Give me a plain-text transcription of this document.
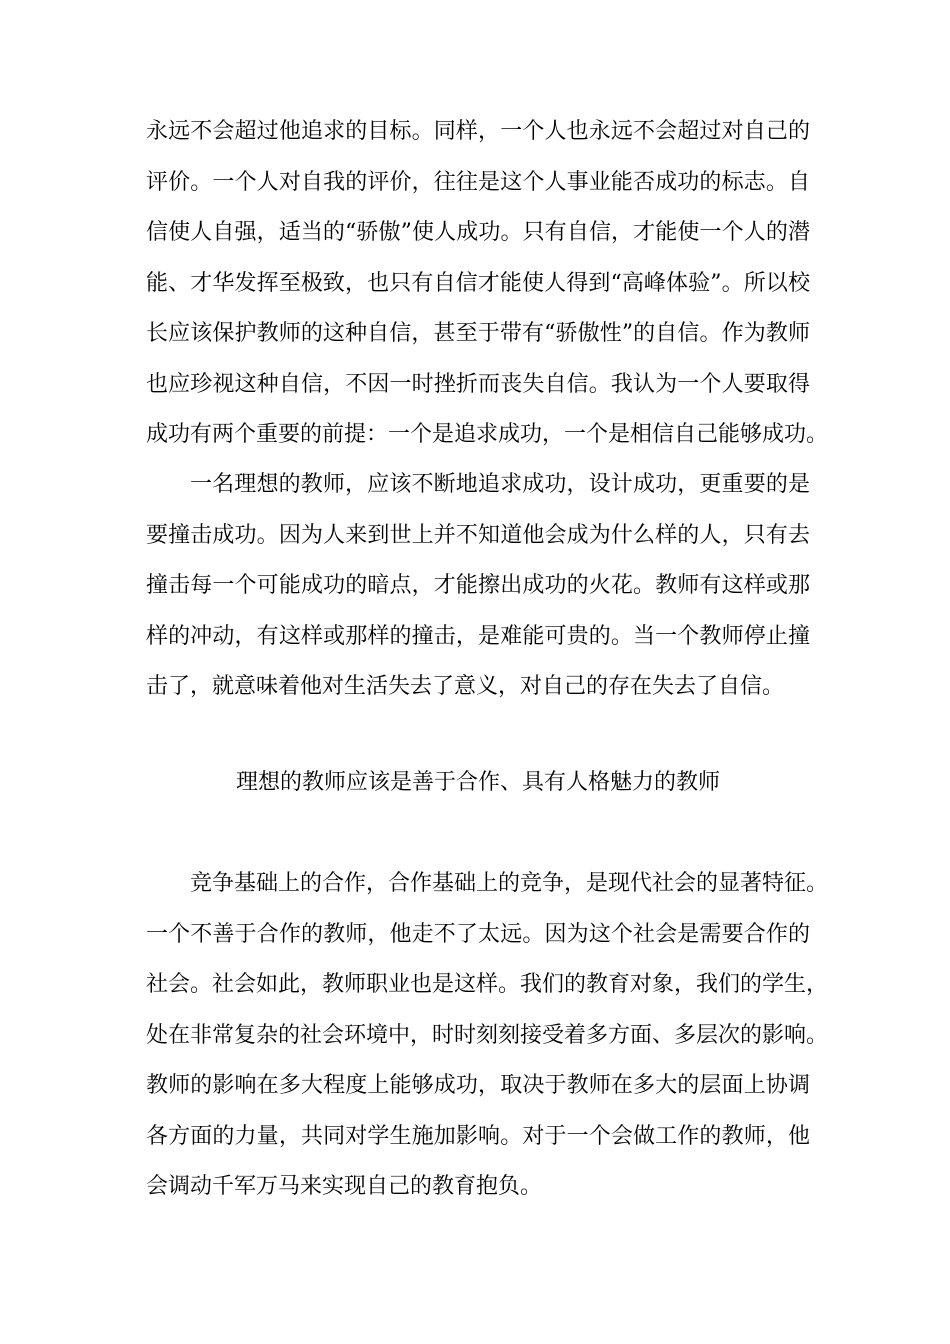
永远不会超过他追求的目标。同样，一个人也永远不会超过对自己的
评价。一个人对自我的评价，往往是这个人事业能否成功的标志。自
信使人自强，适当的“骄傲”使人成功。只有自信，才能使一个人的潜
能、才华发挥至极致，也只有自信才能使人得到“高峰体验”。所以校
长应该保护教师的这种自信，甚至于带有“骄傲性”的自信。作为教师
也应珍视这种自信，不因一时挫折而丧失自信。我认为一个人要取得
成功有两个重要的前提：一个是追求成功，一个是相信自己能够成功。
一名理想的教师，应该不断地追求成功，设计成功，更重要的是
要撞击成功。因为人来到世上并不知道他会成为什么样的人，只有去
撞击每一个可能成功的暗点，才能擦出成功的火花。教师有这样或那
样的冲动，有这样或那样的撞击，是难能可贵的。当一个教师停止撞
击了，就意味着他对生活失去了意义，对自己的存在失去了自信。
理想的教师应该是善于合作、具有人格魅力的教师
竞争基础上的合作，合作基础上的竞争，是现代社会的显著特征。
一个不善于合作的教师，他走不了太远。因为这个社会是需要合作的
社会。社会如此，教师职业也是这样。我们的教育对象，我们的学生，
处在非常复杂的社会环境中，时时刻刻接受着多方面、多层次的影响。
教师的影响在多大程度上能够成功，取决于教师在多大的层面上协调
各方面的力量，共同对学生施加影响。对于一个会做工作的教师，他
会调动千军万马来实现自己的教育抱负。
